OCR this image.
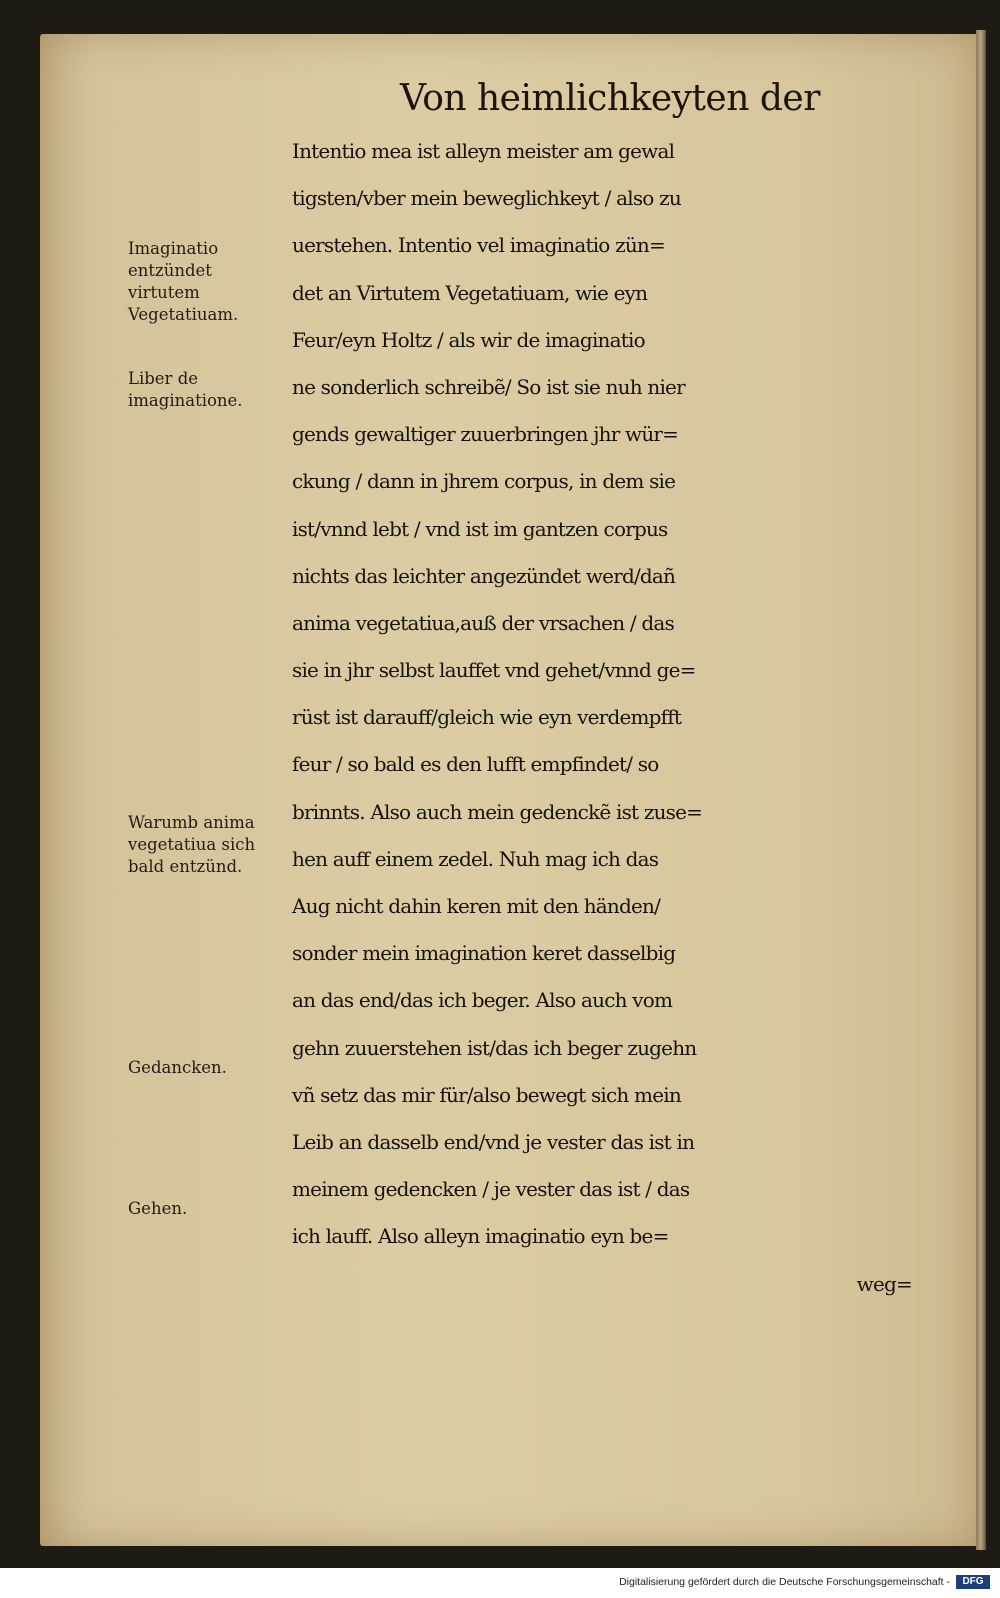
Von heimlichkeyten der
Intentio mea ist alleyn meister am gewal
tigsten/vber mein beweglichkeyt / also zu
uerstehen. Intentio vel imaginatio zün=
det an Virtutem Vegetatiuam, wie eyn
Feur/eyn Holtz / als wir de imaginatio
ne sonderlich schreibẽ/ So ist sie nuh nier
gends gewaltiger zuuerbringen jhr wür=
ckung / dann in jhrem corpus, in dem sie
ist/vnnd lebt / vnd ist im gantzen corpus
nichts das leichter angezündet werd/dañ
anima vegetatiua,auß der vrsachen / das
sie in jhr selbst lauffet vnd gehet/vnnd ge=
rüst ist darauff/gleich wie eyn verdempfft
feur / so bald es den lufft empfindet/ so
brinnts. Also auch mein gedenckẽ ist zuse=
hen auff einem zedel. Nuh mag ich das
Aug nicht dahin keren mit den händen/
sonder mein imagination keret dasselbig
an das end/das ich beger. Also auch vom
gehn zuuerstehen ist/das ich beger zugehn
vñ setz das mir für/also bewegt sich mein
Leib an dasselb end/vnd je vester das ist in
meinem gedencken / je vester das ist / das
ich lauff. Also alleyn imaginatio eyn be=
weg=
Imaginatio entzündet virtutem Vegetatiuam.
Liber de imaginatione.
Warumb anima vegetatiua sich bald entzünd.
Gedancken.
Gehen.
Digitalisierung gefördert durch die Deutsche Forschungsgemeinschaft -	DFG
